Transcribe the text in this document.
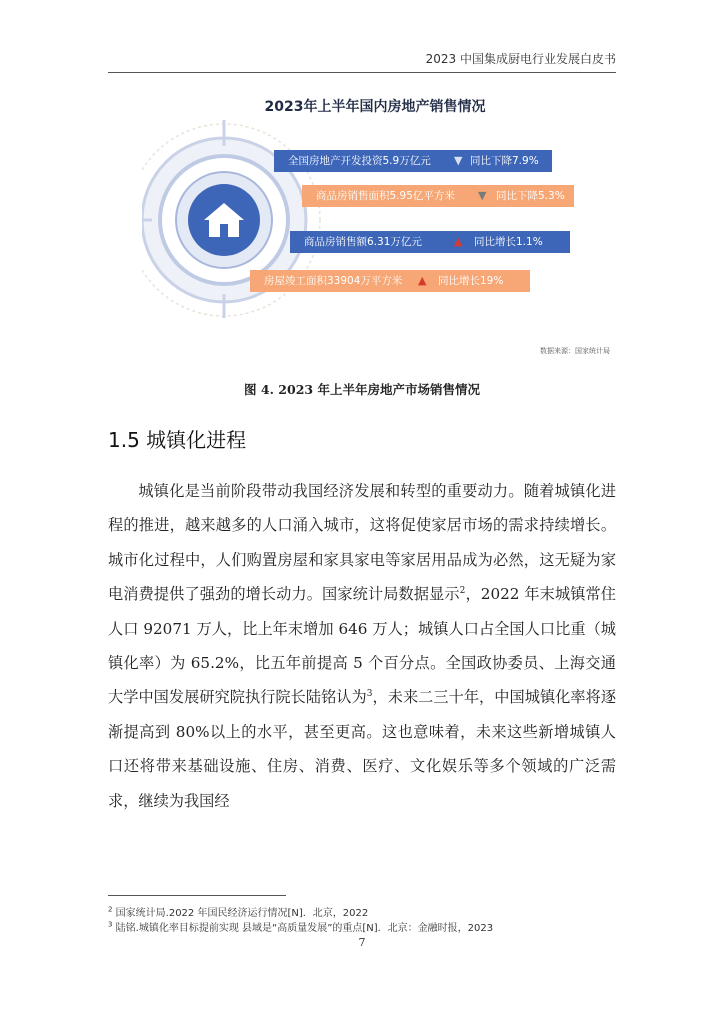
2023 中国集成厨电行业发展白皮书
2023年上半年国内房地产销售情况
全国房地产开发投资5.9万亿元 ▼ 同比下降7.9%
商品房销售面积5.95亿平方米 ▼ 同比下降5.3%
商品房销售额6.31万亿元	▲ 同比增长1.1%
房屋竣工面积33904万平方米 ▲ 同比增长19%
数据来源：国家统计局
图 4. 2023 年上半年房地产市场销售情况
1.5 城镇化进程
城镇化是当前阶段带动我国经济发展和转型的重要动力。随着城镇化进程的推进，越来越多的人口涌入城市，这将促使家居市场的需求持续增长。城市化过程中，人们购置房屋和家具家电等家居用品成为必然，这无疑为家电消费提供了强劲的增长动力。国家统计局数据显示$^2$，2022 年末城镇常住人口 92071 万人，比上年末增加 646 万人；城镇人口占全国人口比重（城镇化率）为 65.2%，比五年前提高 5 个百分点。全国政协委员、上海交通大学中国发展研究院执行院长陆铭认为$^3$，未来二三十年，中国城镇化率将逐渐提高到 80%以上的水平，甚至更高。这也意味着，未来这些新增城镇人口还将带来基础设施、住房、消费、医疗、文化娱乐等多个领域的广泛需求，继续为我国经
$^2$ 国家统计局.2022 年国民经济运行情况[N]．北京，2022
$^3$ 陆铭.城镇化率目标提前实现 县域是“高质量发展”的重点[N]．北京：金融时报，2023
7
